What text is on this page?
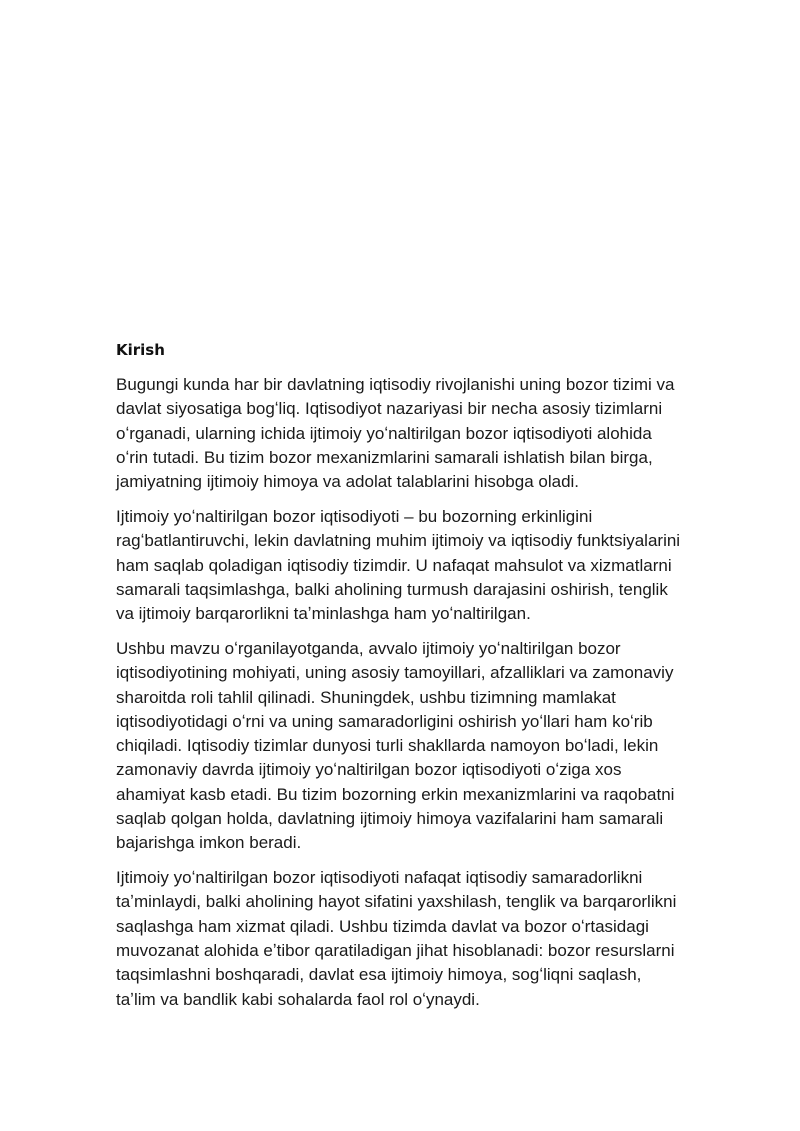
Kirish

Bugungi kunda har bir davlatning iqtisodiy rivojlanishi uning bozor tizimi va
davlat siyosatiga bogʻliq. Iqtisodiyot nazariyasi bir necha asosiy tizimlarni
oʻrganadi, ularning ichida ijtimoiy yoʻnaltirilgan bozor iqtisodiyoti alohida
oʻrin tutadi. Bu tizim bozor mexanizmlarini samarali ishlatish bilan birga,
jamiyatning ijtimoiy himoya va adolat talablarini hisobga oladi.

Ijtimoiy yoʻnaltirilgan bozor iqtisodiyoti – bu bozorning erkinligini
ragʻbatlantiruvchi, lekin davlatning muhim ijtimoiy va iqtisodiy funktsiyalarini
ham saqlab qoladigan iqtisodiy tizimdir. U nafaqat mahsulot va xizmatlarni
samarali taqsimlashga, balki aholining turmush darajasini oshirish, tenglik
va ijtimoiy barqarorlikni taʼminlashga ham yoʻnaltirilgan.

Ushbu mavzu oʻrganilayotganda, avvalo ijtimoiy yoʻnaltirilgan bozor
iqtisodiyotining mohiyati, uning asosiy tamoyillari, afzalliklari va zamonaviy
sharoitda roli tahlil qilinadi. Shuningdek, ushbu tizimning mamlakat
iqtisodiyotidagi oʻrni va uning samaradorligini oshirish yoʻllari ham koʻrib
chiqiladi. Iqtisodiy tizimlar dunyosi turli shakllarda namoyon boʻladi, lekin
zamonaviy davrda ijtimoiy yoʻnaltirilgan bozor iqtisodiyoti oʻziga xos
ahamiyat kasb etadi. Bu tizim bozorning erkin mexanizmlarini va raqobatni
saqlab qolgan holda, davlatning ijtimoiy himoya vazifalarini ham samarali
bajarishga imkon beradi.

Ijtimoiy yoʻnaltirilgan bozor iqtisodiyoti nafaqat iqtisodiy samaradorlikni
taʼminlaydi, balki aholining hayot sifatini yaxshilash, tenglik va barqarorlikni
saqlashga ham xizmat qiladi. Ushbu tizimda davlat va bozor oʻrtasidagi
muvozanat alohida eʼtibor qaratiladigan jihat hisoblanadi: bozor resurslarni
taqsimlashni boshqaradi, davlat esa ijtimoiy himoya, sogʻliqni saqlash,
taʼlim va bandlik kabi sohalarda faol rol oʻynaydi.
